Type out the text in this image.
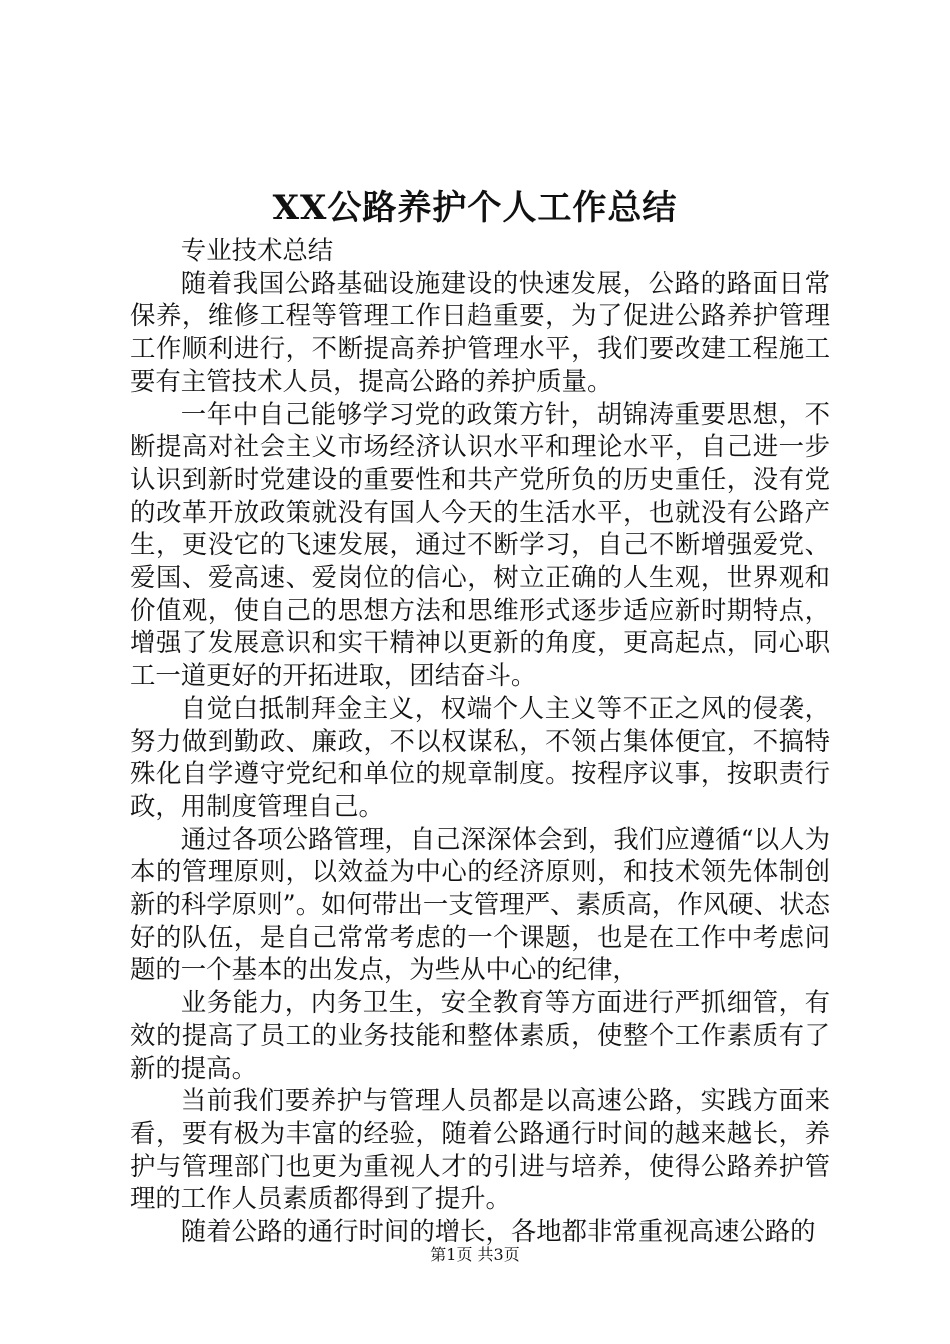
XX公路养护个人工作总结

专业技术总结

随着我国公路基础设施建设的快速发展，公路的路面日常保养，维修工程等管理工作日趋重要，为了促进公路养护管理工作顺利进行，不断提高养护管理水平，我们要改建工程施工要有主管技术人员，提高公路的养护质量。

一年中自己能够学习党的政策方针，胡锦涛重要思想，不断提高对社会主义市场经济认识水平和理论水平，自己进一步认识到新时党建设的重要性和共产党所负的历史重任，没有党的改革开放政策就没有国人今天的生活水平，也就没有公路产生，更没它的飞速发展，通过不断学习，自己不断增强爱党、爱国、爱高速、爱岗位的信心，树立正确的人生观，世界观和价值观，使自己的思想方法和思维形式逐步适应新时期特点，增强了发展意识和实干精神以更新的角度，更高起点，同心职工一道更好的开拓进取，团结奋斗。

自觉白抵制拜金主义，权端个人主义等不正之风的侵袭，努力做到勤政、廉政，不以权谋私，不领占集体便宜，不搞特殊化自学遵守党纪和单位的规章制度。按程序议事，按职责行政，用制度管理自己。

通过各项公路管理，自己深深体会到，我们应遵循“以人为本的管理原则，以效益为中心的经济原则，和技术领先体制创新的科学原则”。如何带出一支管理严、素质高，作风硬、状态好的队伍，是自己常常考虑的一个课题，也是在工作中考虑问题的一个基本的出发点，为些从中心的纪律，

业务能力，内务卫生，安全教育等方面进行严抓细管，有效的提高了员工的业务技能和整体素质，使整个工作素质有了新的提高。

当前我们要养护与管理人员都是以高速公路，实践方面来看，要有极为丰富的经验，随着公路通行时间的越来越长，养护与管理部门也更为重视人才的引进与培养，使得公路养护管理的工作人员素质都得到了提升。

随着公路的通行时间的增长，各地都非常重视高速公路的

第1页 共3页
